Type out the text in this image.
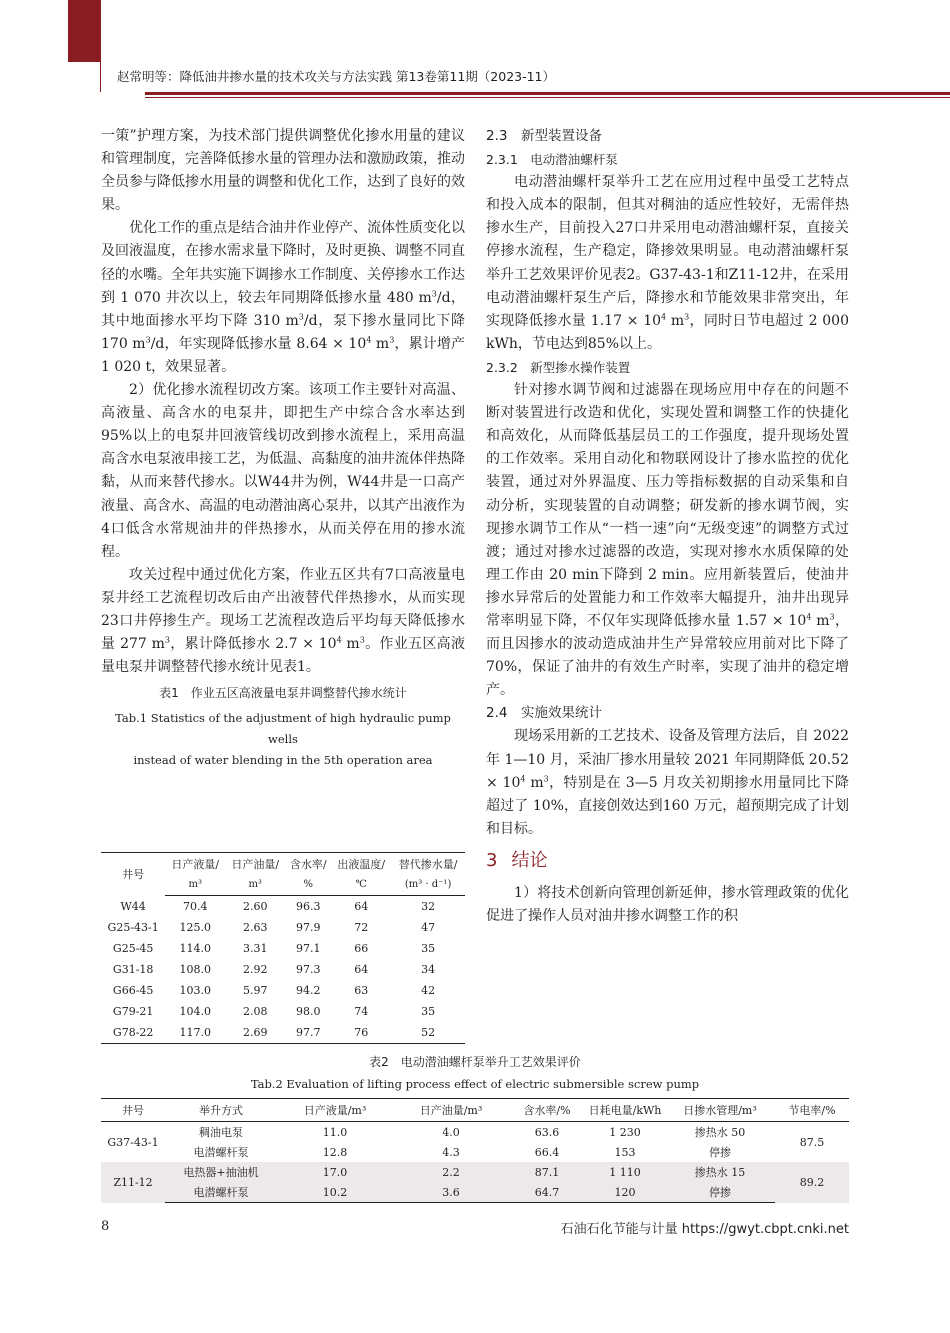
赵常明等：降低油井掺水量的技术攻关与方法实践 第13卷第11期（2023-11）

一策”护理方案，为技术部门提供调整优化掺水用量的建议和管理制度，完善降低掺水量的管理办法和激励政策，推动全员参与降低掺水用量的调整和优化工作，达到了良好的效果。

优化工作的重点是结合油井作业停产、流体性质变化以及回液温度，在掺水需求量下降时，及时更换、调整不同直径的水嘴。全年共实施下调掺水工作制度、关停掺水工作达到 1 070 井次以上，较去年同期降低掺水量 480 $m^3/d$，其中地面掺水平均下降 310 $m^3/d$，泵下掺水量同比下降 170 $m^3/d$，年实现降低掺水量 $8.64 \times 10^4$ $m^3$，累计增产 1 020 t，效果显著。

2）优化掺水流程切改方案。该项工作主要针对高温、高液量、高含水的电泵井，即把生产中综合含水率达到95%以上的电泵井回液管线切改到掺水流程上，采用高温高含水电泵液串接工艺，为低温、高黏度的油井流体伴热降黏，从而来替代掺水。以W44井为例，W44井是一口高产液量、高含水、高温的电动潜油离心泵井，以其产出液作为4口低含水常规油井的伴热掺水，从而关停在用的掺水流程。

攻关过程中通过优化方案，作业五区共有7口高液量电泵井经工艺流程切改后由产出液替代伴热掺水，从而实现23口井停掺生产。现场工艺流程改造后平均每天降低掺水量 277 $m^3$，累计降低掺水 $2.7 \times 10^4$ $m^3$。作业五区高液量电泵井调整替代掺水统计见表1。

表1　作业五区高液量电泵井调整替代掺水统计
Tab.1 Statistics of the adjustment of high hydraulic pump wells
instead of water blending in the 5th operation area
井号	日产液量/	日产油量/	含水率/	出液温度/	替代掺水量/
	m³	m³	%	℃	(m³ · d⁻¹)
W44	70.4	2.60	96.3	64	32
G25-43-1	125.0	2.63	97.9	72	47
G25-45	114.0	3.31	97.1	66	35
G31-18	108.0	2.92	97.3	64	34
G66-45	103.0	5.97	94.2	63	42
G79-21	104.0	2.08	98.0	74	35
G78-22	117.0	2.69	97.7	76	52
2.3　新型装置设备
2.3.1　电动潜油螺杆泵

电动潜油螺杆泵举升工艺在应用过程中虽受工艺特点和投入成本的限制，但其对稠油的适应性较好，无需伴热掺水生产，目前投入27口井采用电动潜油螺杆泵，直接关停掺水流程，生产稳定，降掺效果明显。电动潜油螺杆泵举升工艺效果评价见表2。G37-43-1和Z11-12井，在采用电动潜油螺杆泵生产后，降掺水和节能效果非常突出，年实现降低掺水量 $1.17 \times 10^4$ $m^3$，同时日节电超过 2 000 kWh，节电达到85%以上。

2.3.2　新型掺水操作装置

针对掺水调节阀和过滤器在现场应用中存在的问题不断对装置进行改造和优化，实现处置和调整工作的快捷化和高效化，从而降低基层员工的工作强度，提升现场处置的工作效率。采用自动化和物联网设计了掺水监控的优化装置，通过对外界温度、压力等指标数据的自动采集和自动分析，实现装置的自动调整；研发新的掺水调节阀，实现掺水调节工作从“一档一速”向“无级变速”的调整方式过渡；通过对掺水过滤器的改造，实现对掺水水质保障的处理工作由 20 min下降到 2 min。应用新装置后，使油井掺水异常后的处置能力和工作效率大幅提升，油井出现异常率明显下降，不仅年实现降低掺水量 $1.57 \times 10^4$ $m^3$，而且因掺水的波动造成油井生产异常较应用前对比下降了 70%，保证了油井的有效生产时率，实现了油井的稳定增产。

2.4　实施效果统计

现场采用新的工艺技术、设备及管理方法后，自 2022 年 1—10 月，采油厂掺水用量较 2021 年同期降低 $20.52 \times 10^4$ $m^3$，特别是在 3—5 月攻关初期掺水用量同比下降超过了 10%，直接创效达到160 万元，超预期完成了计划和目标。

3 结论

1）将技术创新向管理创新延伸，掺水管理政策的优化促进了操作人员对油井掺水调整工作的积

表2　电动潜油螺杆泵举升工艺效果评价
Tab.2 Evaluation of lifting process effect of electric submersible screw pump
井号	举升方式	日产液量/m³	日产油量/m³	含水率/%	日耗电量/kWh	日掺水管理/m³	节电率/%
G37-43-1	稠油电泵	11.0	4.0	63.6	1 230	掺热水 50	87.5
	电潜螺杆泵	12.8	4.3	66.4	153	停掺	
Z11-12	电热器+抽油机	17.0	2.2	87.1	1 110	掺热水 15	89.2
	电潜螺杆泵	10.2	3.6	64.7	120	停掺	
8	石油石化节能与计量 https://gwyt.cbpt.cnki.net
